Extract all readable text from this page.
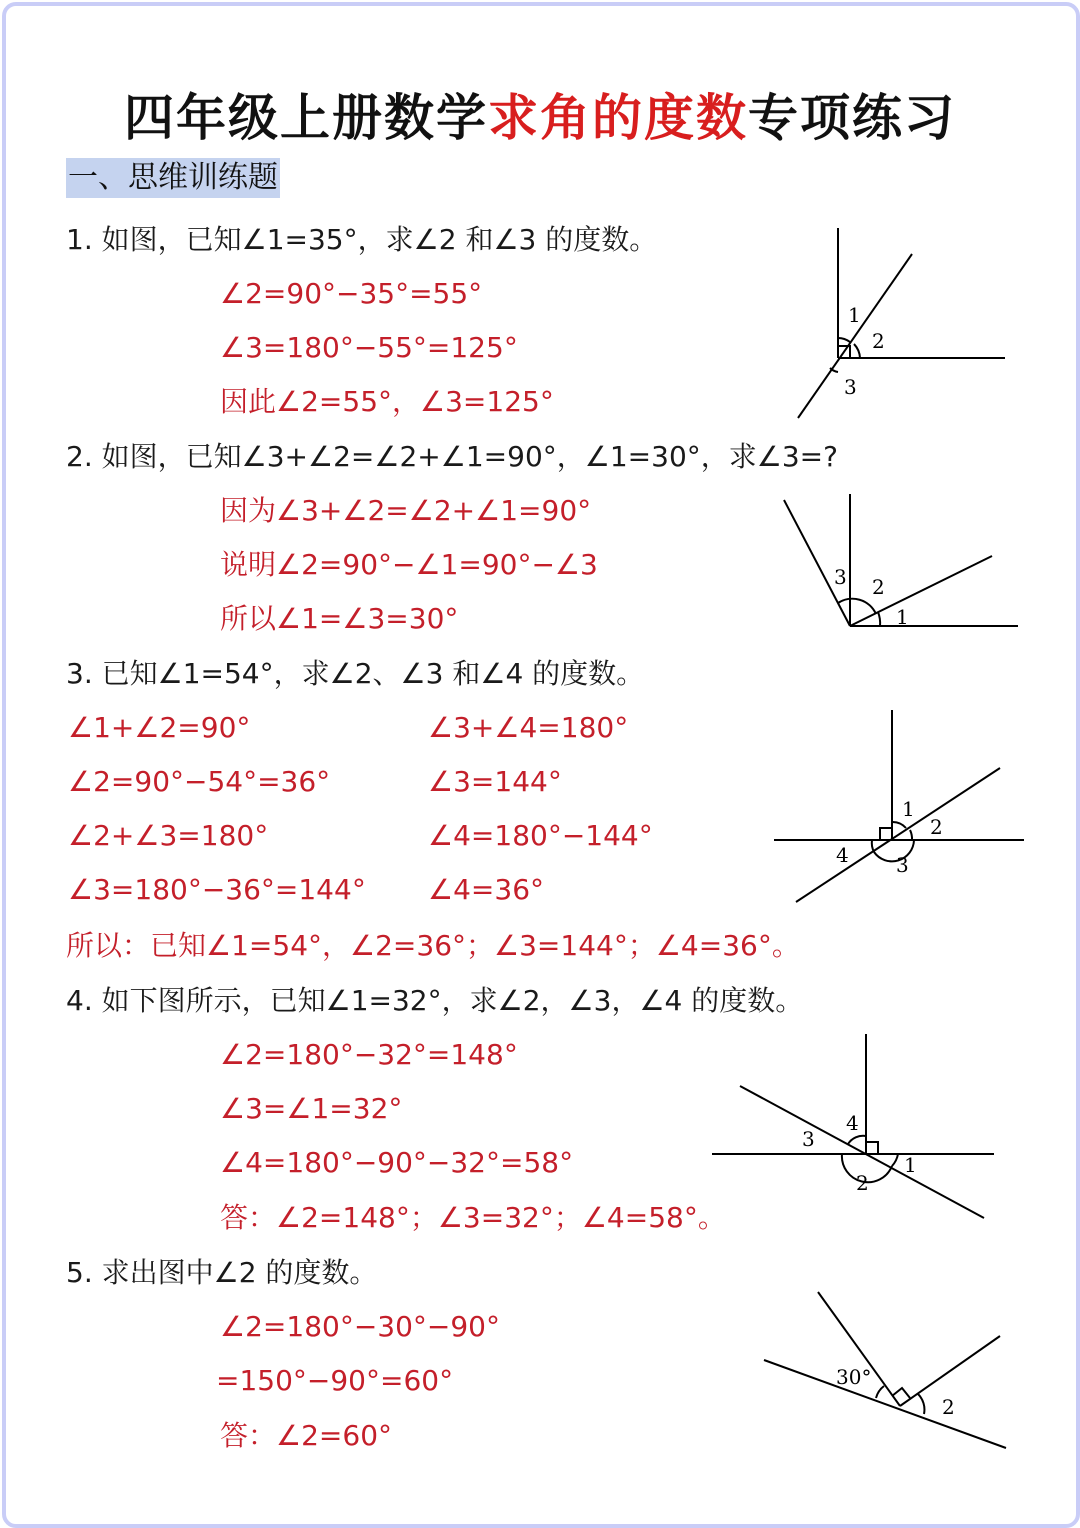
四年级上册数学求角的度数专项练习
一、思维训练题
1. 如图，已知∠1=35°，求∠2 和∠3 的度数。
∠2=90°−35°=55°
∠3=180°−55°=125°
因此∠2=55°，∠3=125°
1
2
3
2. 如图，已知∠3+∠2=∠2+∠1=90°，∠1=30°，求∠3=?
因为∠3+∠2=∠2+∠1=90°
说明∠2=90°−∠1=90°−∠3
所以∠1=∠3=30°
3 2
1
3. 已知∠1=54°，求∠2、∠3 和∠4 的度数。
∠1+∠2=90°
∠2=90°−54°=36°
∠2+∠3=180°
∠3=180°−36°=144°
∠3+∠4=180°
∠3=144°
∠4=180°−144°
∠4=36°
所以：已知∠1=54°，∠2=36°；∠3=144°；∠4=36°。
1
2
3
4
4. 如下图所示，已知∠1=32°，求∠2，∠3，∠4 的度数。
∠2=180°−32°=148°
∠3=∠1=32°
∠4=180°−90°−32°=58°
答：∠2=148°；∠3=32°；∠4=58°。
4
3
1
2
5. 求出图中∠2 的度数。
∠2=180°−30°−90°
=150°−90°=60°
答：∠2=60°
30°
2
